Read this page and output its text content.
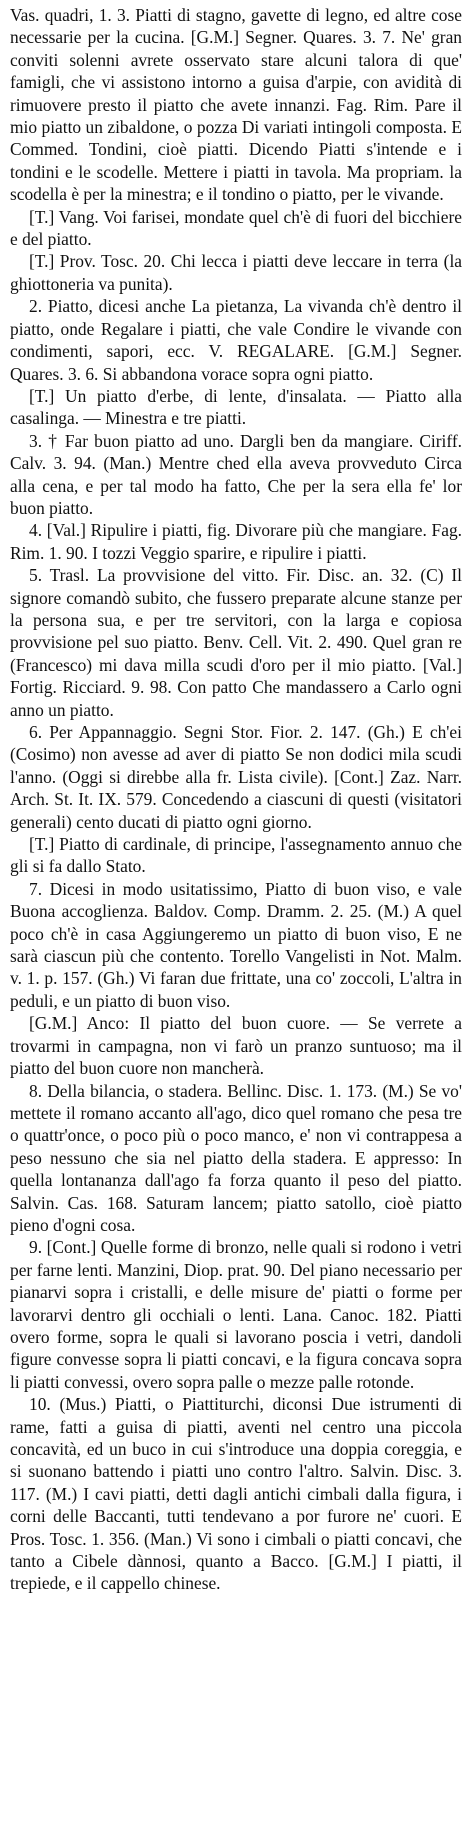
Vas. quadri, 1. 3. Piatti di stagno, gavette di legno, ed altre cose necessarie per la cucina. [G.M.] Segner. Quares. 3. 7. Ne' gran conviti solenni avrete osservato stare alcuni talora di que' famigli, che vi assistono intorno a guisa d'arpie, con avidità di rimuovere presto il piatto che avete innanzi. Fag. Rim. Pare il mio piatto un zibaldone, o pozza Di variati intingoli composta. E Commed. Tondini, cioè piatti. Dicendo Piatti s'intende e i tondini e le scodelle. Mettere i piatti in tavola. Ma propriam. la scodella è per la minestra; e il tondino o piatto, per le vivande.

[T.] Vang. Voi farisei, mondate quel ch'è di fuori del bicchiere e del piatto.

[T.] Prov. Tosc. 20. Chi lecca i piatti deve leccare in terra (la ghiottoneria va punita).

2. Piatto, dicesi anche La pietanza, La vivanda ch'è dentro il piatto, onde Regalare i piatti, che vale Condire le vivande con condimenti, sapori, ecc. V. REGALARE. [G.M.] Segner. Quares. 3. 6. Si abbandona vorace sopra ogni piatto.

[T.] Un piatto d'erbe, di lente, d'insalata. — Piatto alla casalinga. — Minestra e tre piatti.

3. † Far buon piatto ad uno. Dargli ben da mangiare. Ciriff. Calv. 3. 94. (Man.) Mentre ched ella aveva provveduto Circa alla cena, e per tal modo ha fatto, Che per la sera ella fe' lor buon piatto.

4. [Val.] Ripulire i piatti, fig. Divorare più che mangiare. Fag. Rim. 1. 90. I tozzi Veggio sparire, e ripulire i piatti.

5. Trasl. La provvisione del vitto. Fir. Disc. an. 32. (C) Il signore comandò subito, che fussero preparate alcune stanze per la persona sua, e per tre servitori, con la larga e copiosa provvisione pel suo piatto. Benv. Cell. Vit. 2. 490. Quel gran re (Francesco) mi dava milla scudi d'oro per il mio piatto. [Val.] Fortig. Ricciard. 9. 98. Con patto Che mandassero a Carlo ogni anno un piatto.

6. Per Appannaggio. Segni Stor. Fior. 2. 147. (Gh.) E ch'ei (Cosimo) non avesse ad aver di piatto Se non dodici mila scudi l'anno. (Oggi si direbbe alla fr. Lista civile). [Cont.] Zaz. Narr. Arch. St. It. IX. 579. Concedendo a ciascuni di questi (visitatori generali) cento ducati di piatto ogni giorno.

[T.] Piatto di cardinale, di principe, l'assegnamento annuo che gli si fa dallo Stato.

7. Dicesi in modo usitatissimo, Piatto di buon viso, e vale Buona accoglienza. Baldov. Comp. Dramm. 2. 25. (M.) A quel poco ch'è in casa Aggiungeremo un piatto di buon viso, E ne sarà ciascun più che contento. Torello Vangelisti in Not. Malm. v. 1. p. 157. (Gh.) Vi faran due frittate, una co' zoccoli, L'altra in peduli, e un piatto di buon viso.

[G.M.] Anco: Il piatto del buon cuore. — Se verrete a trovarmi in campagna, non vi farò un pranzo suntuoso; ma il piatto del buon cuore non mancherà.

8. Della bilancia, o stadera. Bellinc. Disc. 1. 173. (M.) Se vo' mettete il romano accanto all'ago, dico quel romano che pesa tre o quattr'once, o poco più o poco manco, e' non vi contrappesa a peso nessuno che sia nel piatto della stadera. E appresso: In quella lontananza dall'ago fa forza quanto il peso del piatto. Salvin. Cas. 168. Saturam lancem; piatto satollo, cioè piatto pieno d'ogni cosa.

9. [Cont.] Quelle forme di bronzo, nelle quali si rodono i vetri per farne lenti. Manzini, Diop. prat. 90. Del piano necessario per pianarvi sopra i cristalli, e delle misure de' piatti o forme per lavorarvi dentro gli occhiali o lenti. Lana. Canoc. 182. Piatti overo forme, sopra le quali si lavorano poscia i vetri, dandoli figure convesse sopra li piatti concavi, e la figura concava sopra li piatti convessi, overo sopra palle o mezze palle rotonde.

10. (Mus.) Piatti, o Piattiturchi, diconsi Due istrumenti di rame, fatti a guisa di piatti, aventi nel centro una piccola concavità, ed un buco in cui s'introduce una doppia coreggia, e si suonano battendo i piatti uno contro l'altro. Salvin. Disc. 3. 117. (M.) I cavi piatti, detti dagli antichi cimbali dalla figura, i corni delle Baccanti, tutti tendevano a por furore ne' cuori. E Pros. Tosc. 1. 356. (Man.) Vi sono i cimbali o piatti concavi, che tanto a Cibele dànnosi, quanto a Bacco. [G.M.] I piatti, il trepiede, e il cappello chinese.
